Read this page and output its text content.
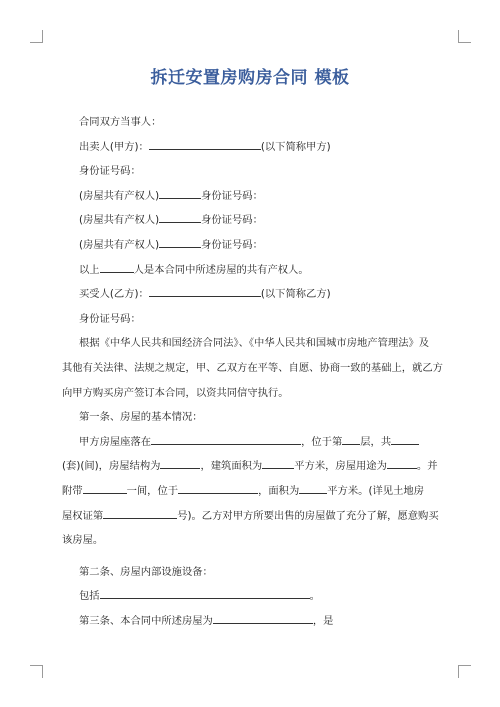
拆迁安置房购房合同 模板
合同双方当事人：
出卖人(甲方)：	(以下简称甲方)
身份证号码：
(房屋共有产权人)	身份证号码：
(房屋共有产权人)	身份证号码：
(房屋共有产权人)	身份证号码：
以上	人是本合同中所述房屋的共有产权人。
买受人(乙方)：	(以下简称乙方)
身份证号码：
根据《中华人民共和国经济合同法》、《中华人民共和国城市房地产管理法》及
其他有关法律、法规之规定，甲、乙双方在平等、自愿、协商一致的基础上，就乙方
向甲方购买房产签订本合同，以资共同信守执行。
第一条、房屋的基本情况：
甲方房屋座落在	，位于第 层，共
(套)(间)，房屋结构为	，建筑面积为	平方米，房屋用途为	。并
附带	一间，位于	，面积为	平方米。(详见土地房
屋权证第	号)。乙方对甲方所要出售的房屋做了充分了解，愿意购买
该房屋。
第二条、房屋内部设施设备：
包括	。
第三条、本合同中所述房屋为	，是
